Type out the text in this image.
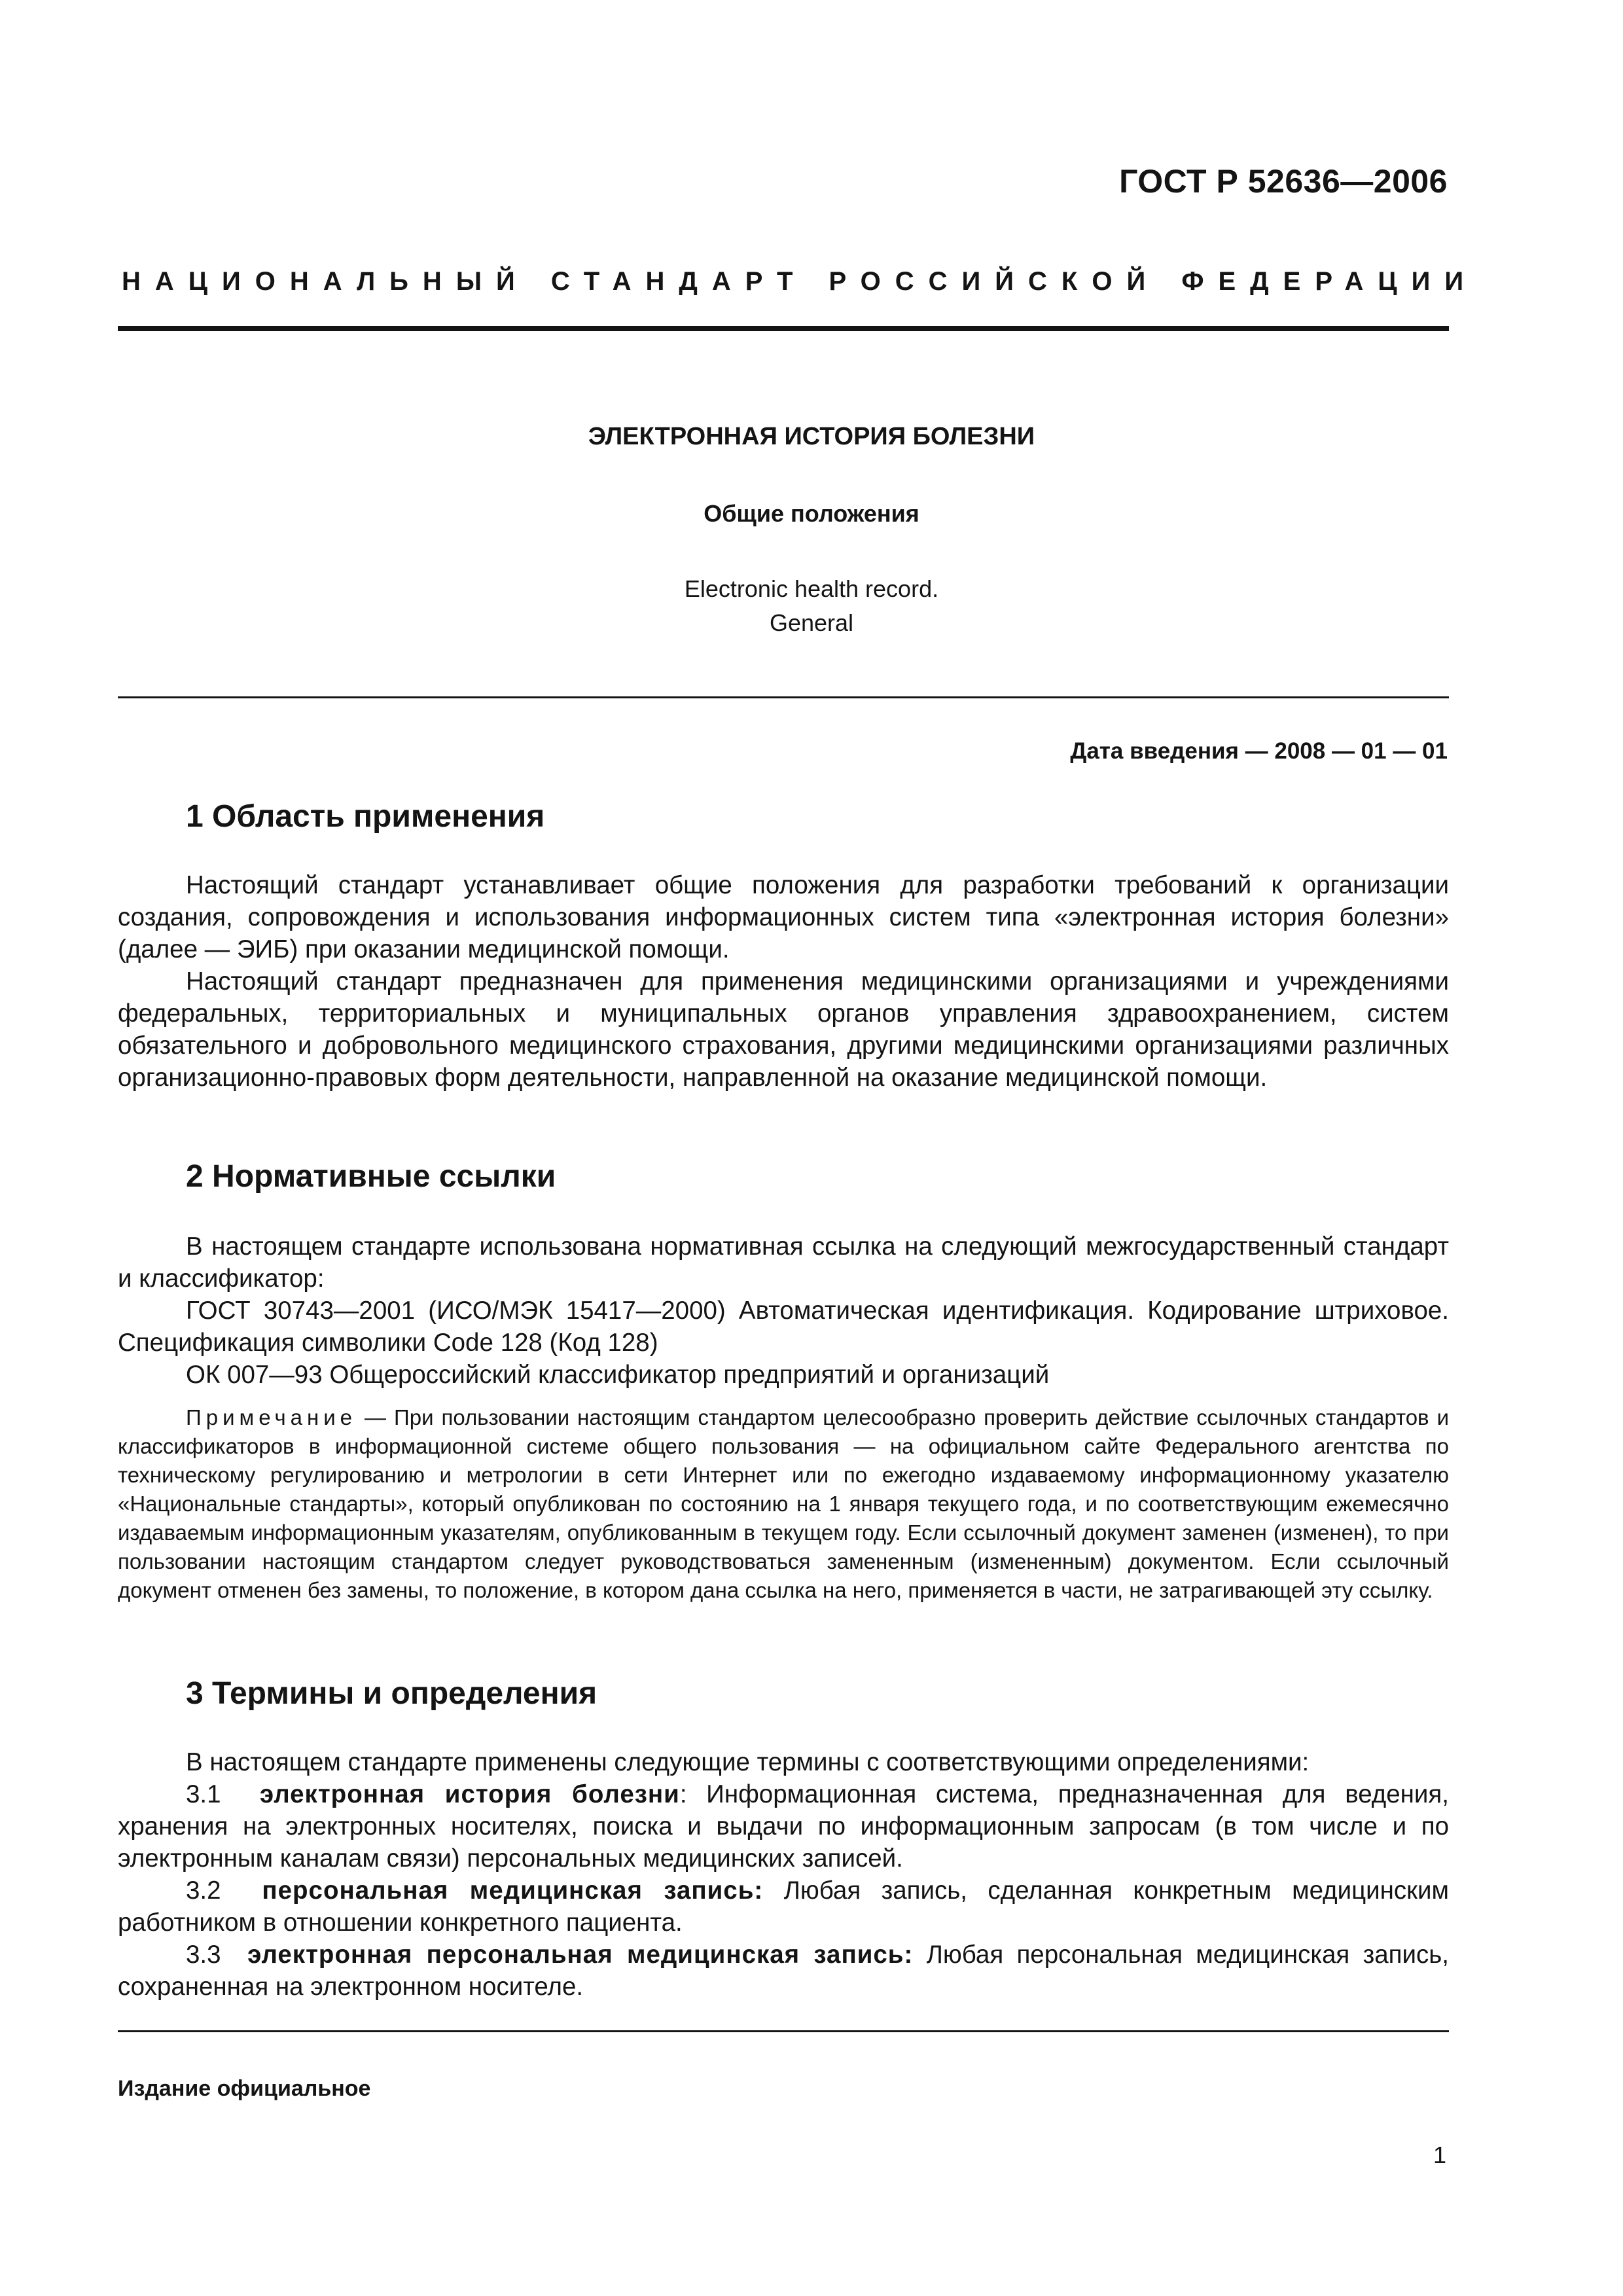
ГОСТ Р 52636—2006
НАЦИОНАЛЬНЫЙ СТАНДАРТ РОССИЙСКОЙ ФЕДЕРАЦИИ
ЭЛЕКТРОННАЯ ИСТОРИЯ БОЛЕЗНИ
Общие положения
Electronic health record.
General
Дата введения — 2008 — 01 — 01
1 Область применения

Настоящий стандарт устанавливает общие положения для разработки требований к организации создания, сопровождения и использования информационных систем типа «электронная история болезни» (далее — ЭИБ) при оказании медицинской помощи.

Настоящий стандарт предназначен для применения медицинскими организациями и учреждениями федеральных, территориальных и муниципальных органов управления здравоохранением, систем обязательного и добровольного медицинского страхования, другими медицинскими организациями различных организационно-правовых форм деятельности, направленной на оказание медицинской помощи.

2 Нормативные ссылки

В настоящем стандарте использована нормативная ссылка на следующий межгосударственный стандарт и классификатор:

ГОСТ 30743—2001 (ИСО/МЭК 15417—2000) Автоматическая идентификация. Кодирование штриховое. Спецификация символики Code 128 (Код 128)

ОК 007—93 Общероссийский классификатор предприятий и организаций

Примечание — При пользовании настоящим стандартом целесообразно проверить действие ссылочных стандартов и классификаторов в информационной системе общего пользования — на официальном сайте Федерального агентства по техническому регулированию и метрологии в сети Интернет или по ежегодно издаваемому информационному указателю «Национальные стандарты», который опубликован по состоянию на 1 января текущего года, и по соответствующим ежемесячно издаваемым информационным указателям, опубликованным в текущем году. Если ссылочный документ заменен (изменен), то при пользовании настоящим стандартом следует руководствоваться замененным (измененным) документом. Если ссылочный документ отменен без замены, то положение, в котором дана ссылка на него, применяется в части, не затрагивающей эту ссылку.
3 Термины и определения

В настоящем стандарте применены следующие термины с соответствующими определениями:

3.1 электронная история болезни: Информационная система, предназначенная для ведения, хранения на электронных носителях, поиска и выдачи по информационным запросам (в том числе и по электронным каналам связи) персональных медицинских записей.

3.2 персональная медицинская запись: Любая запись, сделанная конкретным медицинским работником в отношении конкретного пациента.

3.3 электронная персональная медицинская запись: Любая персональная медицинская запись, сохраненная на электронном носителе.

Издание официальное
1
